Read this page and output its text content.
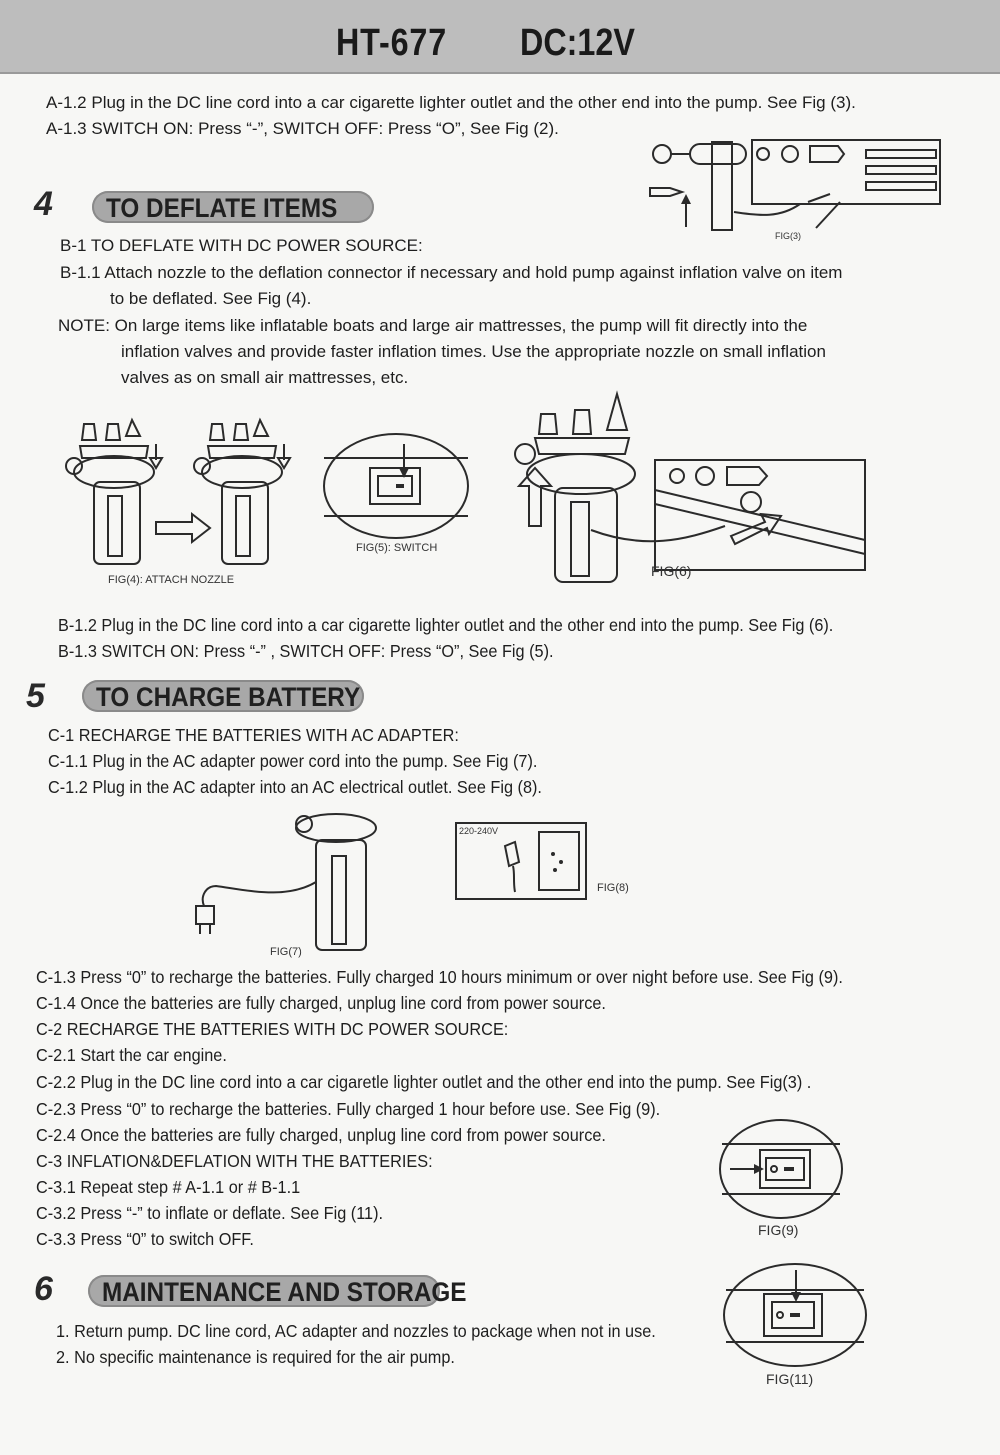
HT-677 DC:12V
A-1.2 Plug in the DC line cord into a car cigarette lighter outlet and the other end into the pump. See Fig (3).
A-1.3 SWITCH ON: Press “-”, SWITCH OFF: Press “O”, See Fig (2).
FIG(3)
4 TO DEFLATE ITEMS
B-1 TO DEFLATE WITH DC POWER SOURCE:
B-1.1 Attach nozzle to the deflation connector if necessary and hold pump against inflation valve on item
to be deflated. See Fig (4).
NOTE: On large items like inflatable boats and large air mattresses, the pump will fit directly into the
inflation valves and provide faster inflation times. Use the appropriate nozzle on small inflation
valves as on small air mattresses, etc.
FIG(4): ATTACH NOZZLE
FIG(5): SWITCH
FIG(6)
B-1.2 Plug in the DC line cord into a car cigarette lighter outlet and the other end into the pump. See Fig (6).
B-1.3 SWITCH ON: Press “-” , SWITCH OFF: Press “O”, See Fig (5).
5 TO CHARGE BATTERY
C-1 RECHARGE THE BATTERIES WITH AC ADAPTER:
C-1.1 Plug in the AC adapter power cord into the pump. See Fig (7).
C-1.2 Plug in the AC adapter into an AC electrical outlet. See Fig (8).
FIG(7)
220-240V
FIG(8)
C-1.3 Press “0” to recharge the batteries. Fully charged 10 hours minimum or over night before use. See Fig (9).
C-1.4 Once the batteries are fully charged, unplug line cord from power source.
C-2 RECHARGE THE BATTERIES WITH DC POWER SOURCE:
C-2.1 Start the car engine.
C-2.2 Plug in the DC line cord into a car cigaretle lighter outlet and the other end into the pump. See Fig(3) .
C-2.3 Press “0” to recharge the batteries. Fully charged 1 hour before use. See Fig (9).
C-2.4 Once the batteries are fully charged, unplug line cord from power source.
C-3 INFLATION&DEFLATION WITH THE BATTERIES:
C-3.1 Repeat step # A-1.1 or # B-1.1
C-3.2 Press “-” to inflate or deflate. See Fig (11).
C-3.3 Press “0” to switch OFF.	FIG(9)
6 MAINTENANCE AND STORAGE
1. Return pump. DC line cord, AC adapter and nozzles to package when not in use.
2. No specific maintenance is required for the air pump.
FIG(11)
